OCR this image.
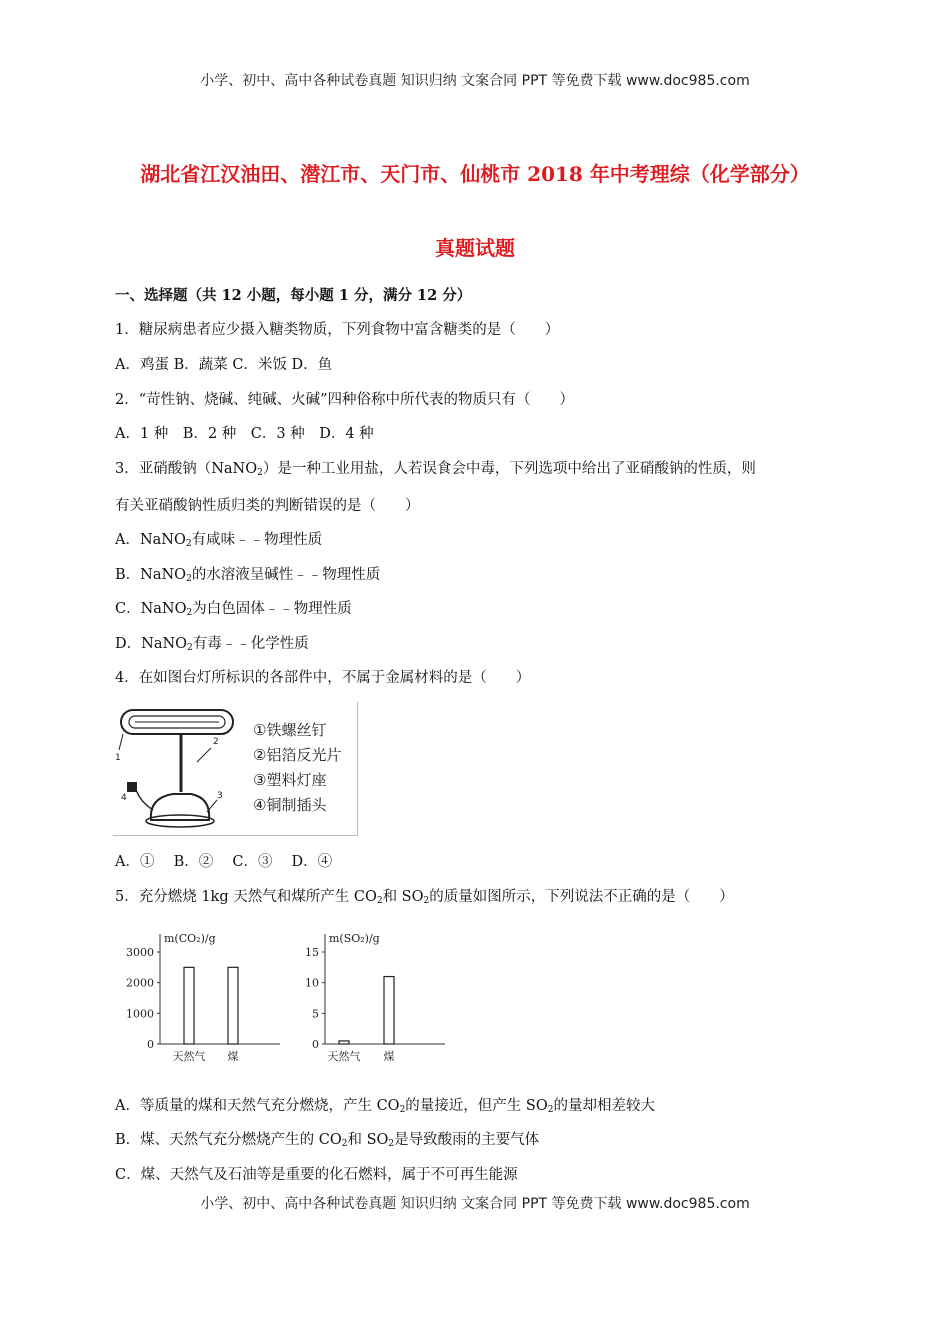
小学、初中、高中各种试卷真题 知识归纳 文案合同 PPT 等免费下载 www.doc985.com
湖北省江汉油田、潜江市、天门市、仙桃市 2018 年中考理综（化学部分）
真题试题
一、选择题（共 12 小题，每小题 1 分，满分 12 分）
1．糖尿病患者应少摄入糖类物质，下列食物中富含糖类的是（　　）
A．鸡蛋 B．蔬菜 C．米饭 D．鱼
2．“苛性钠、烧碱、纯碱、火碱”四种俗称中所代表的物质只有（　　）
A．1 种　B．2 种　C．3 种　D．4 种
3．亚硝酸钠（NaNO$_2$）是一种工业用盐，人若误食会中毒，下列选项中给出了亚硝酸钠的性质，则
有关亚硝酸钠性质归类的判断错误的是（　　）
A．NaNO$_2$有咸味﹣﹣物理性质
B．NaNO$_2$的水溶液呈碱性﹣﹣物理性质
C．NaNO$_2$为白色固体﹣﹣物理性质
D．NaNO$_2$有毒﹣﹣化学性质
4．在如图台灯所标识的各部件中，不属于金属材料的是（　　）
1
2
3
4
①铁螺丝钉
②铝箔反光片
③塑料灯座
④铜制插头
A．①　 B．②　 C．③　 D．④
5．充分燃烧 1kg 天然气和煤所产生 $CO_2$和 $SO_2$的质量如图所示，下列说法不正确的是（　　）
m(CO₂)/g
0
1000
2000
3000
天然气 煤
m(SO₂)/g
0
5
10
15
天然气 煤
A．等质量的煤和天然气充分燃烧，产生 $CO_2$的量接近，但产生 $SO_2$的量却相差较大
B．煤、天然气充分燃烧产生的 $CO_2$和 $SO_2$是导致酸雨的主要气体
C．煤、天然气及石油等是重要的化石燃料，属于不可再生能源
小学、初中、高中各种试卷真题 知识归纳 文案合同 PPT 等免费下载 www.doc985.com
